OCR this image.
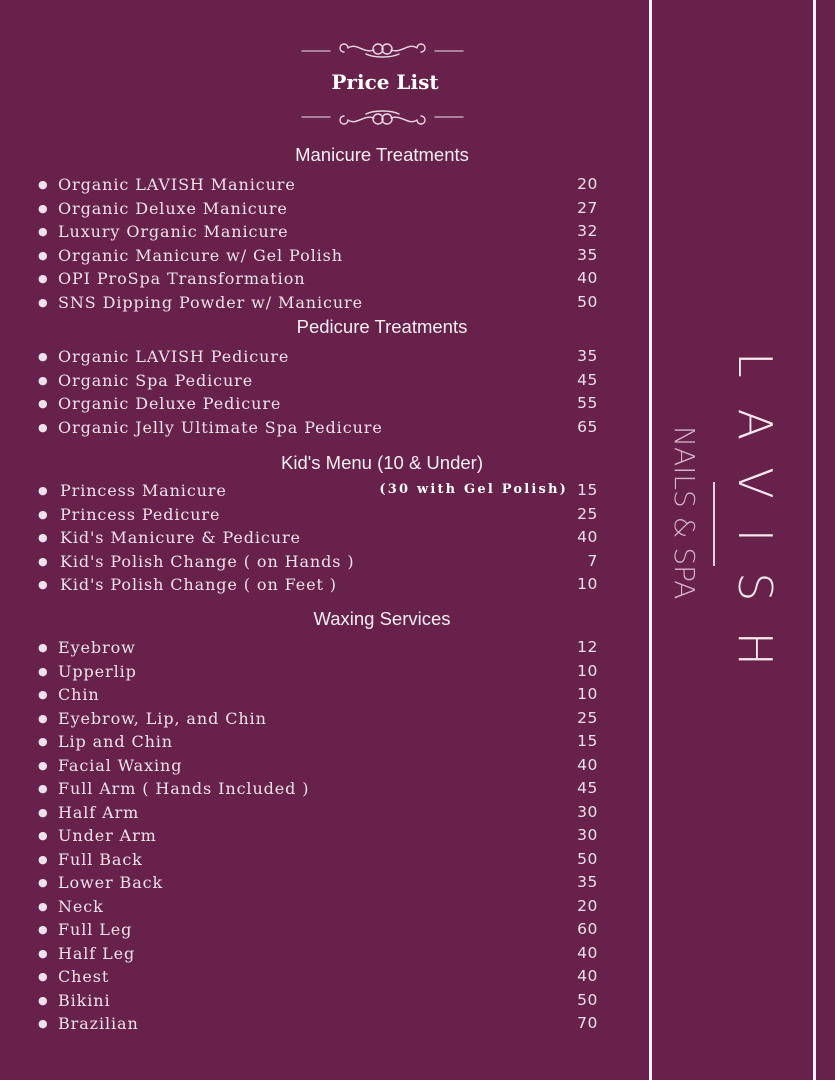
Price List
Manicure Treatments
● Organic LAVISH Manicure	20
● Organic Deluxe Manicure	27
● Luxury Organic Manicure	32
● Organic Manicure w/ Gel Polish	35
● OPI ProSpa Transformation	40
● SNS Dipping Powder w/ Manicure	50
Pedicure Treatments
● Organic LAVISH Pedicure	35
● Organic Spa Pedicure	45
● Organic Deluxe Pedicure	55
● Organic Jelly Ultimate Spa Pedicure	65
Kid's Menu (10 & Under)
● Princess Manicure	(30 with Gel Polish) 15
● Princess Pedicure	25
● Kid's Manicure & Pedicure	40
● Kid's Polish Change ( on Hands )	7
● Kid's Polish Change ( on Feet )	10
Waxing Services
● Eyebrow	12
● Upperlip	10
● Chin	10
● Eyebrow, Lip, and Chin	25
● Lip and Chin	15
● Facial Waxing	40
● Full Arm ( Hands Included )	45
● Half Arm	30
● Under Arm	30
● Full Back	50
● Lower Back	35
● Neck	20
● Full Leg	60
● Half Leg	40
● Chest	40
● Bikini	50
● Brazilian	70
LAVISH
NAILS & SPA
